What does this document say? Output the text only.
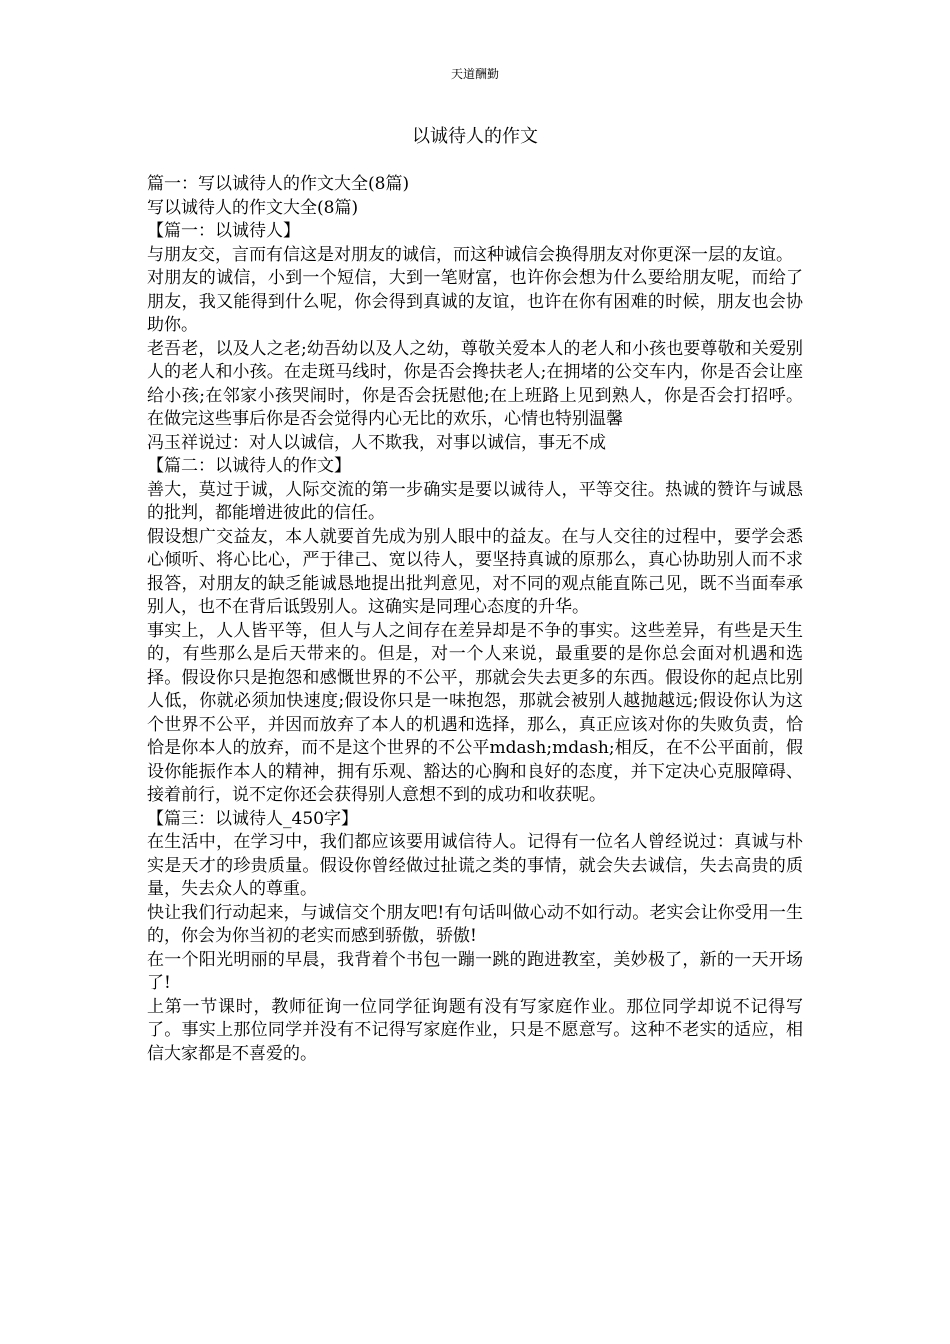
天道酬勤
以诚待人的作文

篇一：写以诚待人的作文大全(8篇)

写以诚待人的作文大全(8篇)

【篇一：以诚待人】

与朋友交，言而有信这是对朋友的诚信，而这种诚信会换得朋友对你更深一层的友谊。

对朋友的诚信，小到一个短信，大到一笔财富，也许你会想为什么要给朋友呢，而给了朋友，我又能得到什么呢，你会得到真诚的友谊，也许在你有困难的时候，朋友也会协助你。

老吾老，以及人之老;幼吾幼以及人之幼，尊敬关爱本人的老人和小孩也要尊敬和关爱别人的老人和小孩。在走斑马线时，你是否会搀扶老人;在拥堵的公交车内，你是否会让座给小孩;在邻家小孩哭闹时，你是否会抚慰他;在上班路上见到熟人，你是否会打招呼。在做完这些事后你是否会觉得内心无比的欢乐，心情也特别温馨

冯玉祥说过：对人以诚信，人不欺我，对事以诚信，事无不成

【篇二：以诚待人的作文】

善大，莫过于诚，人际交流的第一步确实是要以诚待人，平等交往。热诚的赞许与诚恳的批判，都能增进彼此的信任。

假设想广交益友，本人就要首先成为别人眼中的益友。在与人交往的过程中，要学会悉心倾听、将心比心，严于律己、宽以待人，要坚持真诚的原那么，真心协助别人而不求报答，对朋友的缺乏能诚恳地提出批判意见，对不同的观点能直陈己见，既不当面奉承别人，也不在背后诋毁别人。这确实是同理心态度的升华。

事实上，人人皆平等，但人与人之间存在差异却是不争的事实。这些差异，有些是天生的，有些那么是后天带来的。但是，对一个人来说，最重要的是你总会面对机遇和选择。假设你只是抱怨和感慨世界的不公平，那就会失去更多的东西。假设你的起点比别人低，你就必须加快速度;假设你只是一味抱怨，那就会被别人越抛越远;假设你认为这个世界不公平，并因而放弃了本人的机遇和选择，那么，真正应该对你的失败负责，恰恰是你本人的放弃，而不是这个世界的不公平mdash;mdash;相反，在不公平面前，假设你能振作本人的精神，拥有乐观、豁达的心胸和良好的态度，并下定决心克服障碍、接着前行，说不定你还会获得别人意想不到的成功和收获呢。

【篇三：以诚待人_450字】

在生活中，在学习中，我们都应该要用诚信待人。记得有一位名人曾经说过：真诚与朴实是天才的珍贵质量。假设你曾经做过扯谎之类的事情，就会失去诚信，失去高贵的质量，失去众人的尊重。

快让我们行动起来，与诚信交个朋友吧!有句话叫做心动不如行动。老实会让你受用一生的，你会为你当初的老实而感到骄傲，骄傲!

在一个阳光明丽的早晨，我背着个书包一蹦一跳的跑进教室，美妙极了，新的一天开场了!

上第一节课时，教师征询一位同学征询题有没有写家庭作业。那位同学却说不记得写了。事实上那位同学并没有不记得写家庭作业，只是不愿意写。这种不老实的适应，相信大家都是不喜爱的。
